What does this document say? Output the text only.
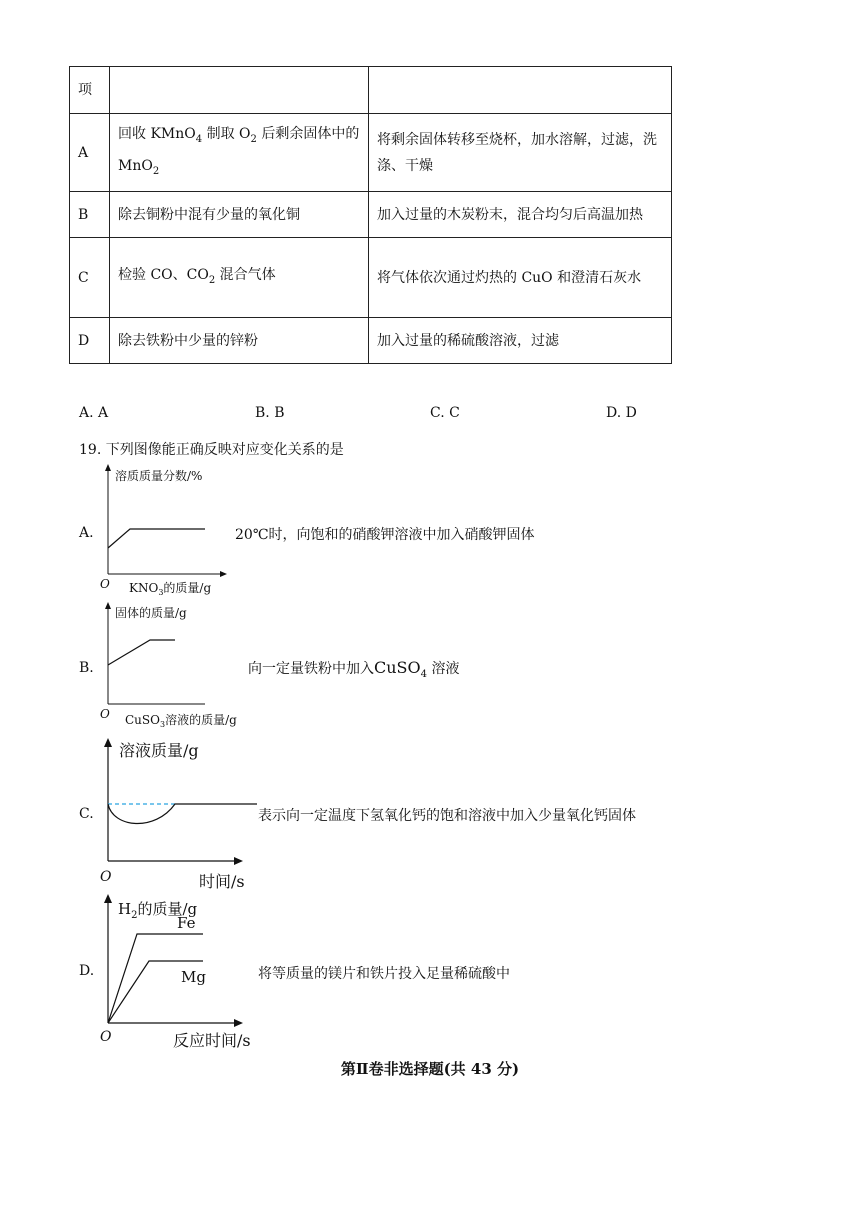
项		
A	回收 KMnO$_4$ 制取 $O_2$ 后剩余固体中的 MnO$_2$	将剩余固体转移至烧杯，加水溶解，过滤，洗涤、干燥
B	除去铜粉中混有少量的氧化铜	加入过量的木炭粉末，混合均匀后高温加热
C	检验 CO、$CO_2$ 混合气体	将气体依次通过灼热的 CuO 和澄清石灰水
D	除去铁粉中少量的锌粉	加入过量的稀硫酸溶液，过滤
A. A	B. B	C. C	D. D
19. 下列图像能正确反映对应变化关系的是
A.
溶质质量分数/%
O $KNO_3$的质量/g
20℃时，向饱和的硝酸钾溶液中加入硝酸钾固体
B.
固体的质量/g
O CuSO$_3$溶液的质量/g
向一定量铁粉中加入CuSO$_4$ 溶液
C.
溶液质量/g
O	时间/s
表示向一定温度下氢氧化钙的饱和溶液中加入少量氧化钙固体
D.
$H_2$的质量/g
Fe
Mg
O	反应时间/s
将等质量的镁片和铁片投入足量稀硫酸中
第Ⅱ卷非选择题(共 43 分)
